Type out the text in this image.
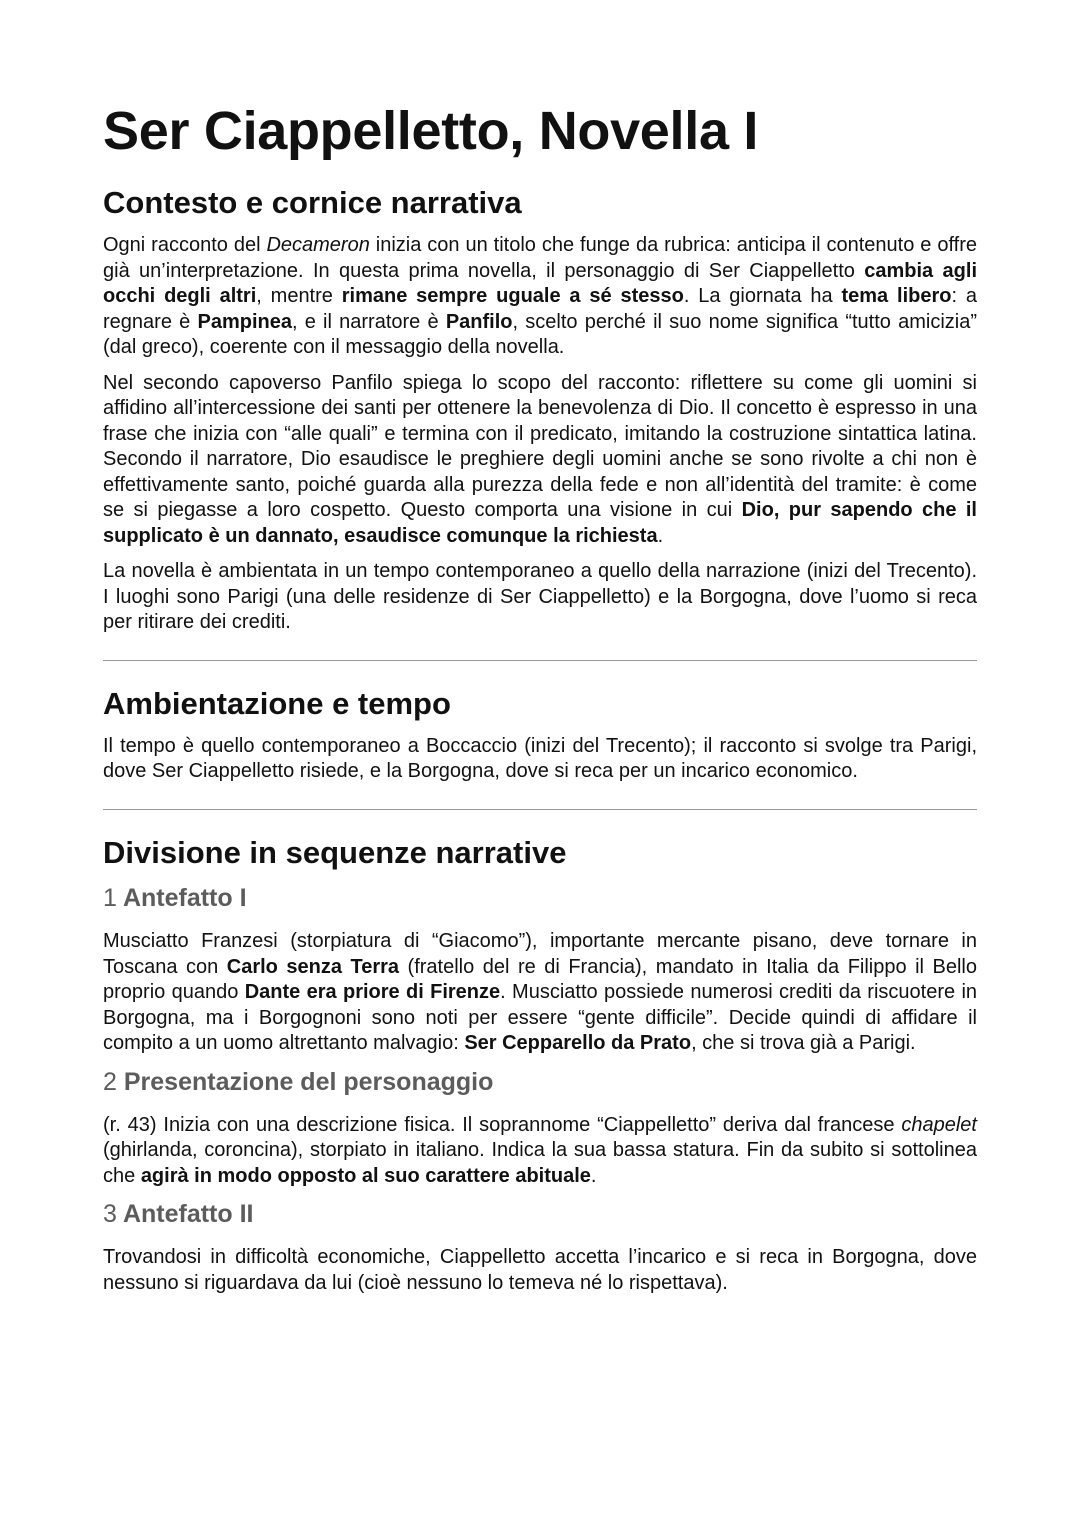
Ser Ciappelletto, Novella I
Contesto e cornice narrativa

Ogni racconto del Decameron inizia con un titolo che funge da rubrica: anticipa il contenuto e offre già un’interpretazione. In questa prima novella, il personaggio di Ser Ciappelletto cambia agli occhi degli altri, mentre rimane sempre uguale a sé stesso. La giornata ha tema libero: a regnare è Pampinea, e il narratore è Panfilo, scelto perché il suo nome significa “tutto amicizia” (dal greco), coerente con il messaggio della novella.

Nel secondo capoverso Panfilo spiega lo scopo del racconto: riflettere su come gli uomini si affidino all’intercessione dei santi per ottenere la benevolenza di Dio. Il concetto è espresso in una frase che inizia con “alle quali” e termina con il predicato, imitando la costruzione sintattica latina. Secondo il narratore, Dio esaudisce le preghiere degli uomini anche se sono rivolte a chi non è effettivamente santo, poiché guarda alla purezza della fede e non all’identità del tramite: è come se si piegasse a loro cospetto. Questo comporta una visione in cui Dio, pur sapendo che il supplicato è un dannato, esaudisce comunque la richiesta.

La novella è ambientata in un tempo contemporaneo a quello della narrazione (inizi del Trecento). I luoghi sono Parigi (una delle residenze di Ser Ciappelletto) e la Borgogna, dove l’uomo si reca per ritirare dei crediti.

Ambientazione e tempo

Il tempo è quello contemporaneo a Boccaccio (inizi del Trecento); il racconto si svolge tra Parigi, dove Ser Ciappelletto risiede, e la Borgogna, dove si reca per un incarico economico.

Divisione in sequenze narrative
1 Antefatto I

Musciatto Franzesi (storpiatura di “Giacomo”), importante mercante pisano, deve tornare in Toscana con Carlo senza Terra (fratello del re di Francia), mandato in Italia da Filippo il Bello proprio quando Dante era priore di Firenze. Musciatto possiede numerosi crediti da riscuotere in Borgogna, ma i Borgognoni sono noti per essere “gente difficile”. Decide quindi di affidare il compito a un uomo altrettanto malvagio: Ser Cepparello da Prato, che si trova già a Parigi.

2 Presentazione del personaggio

(r. 43) Inizia con una descrizione fisica. Il soprannome “Ciappelletto” deriva dal francese chapelet (ghirlanda, coroncina), storpiato in italiano. Indica la sua bassa statura. Fin da subito si sottolinea che agirà in modo opposto al suo carattere abituale.

3 Antefatto II

Trovandosi in difficoltà economiche, Ciappelletto accetta l’incarico e si reca in Borgogna, dove nessuno si riguardava da lui (cioè nessuno lo temeva né lo rispettava).
